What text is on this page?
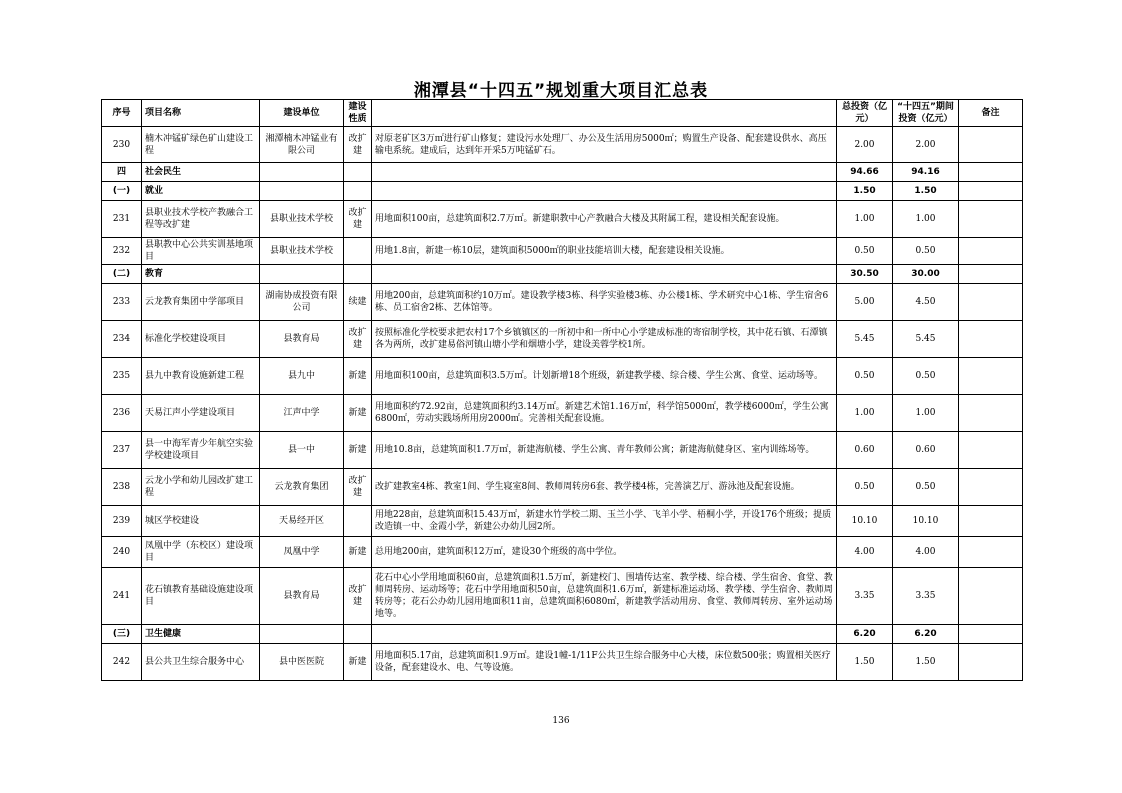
湘潭县“十四五”规划重大项目汇总表
序号	项目名称	建设单位	建设性质		总投资（亿元）	“十四五”期间投资（亿元）	备注
230	楠木冲锰矿绿色矿山建设工程	湘潭楠木冲锰业有限公司	改扩建	对原老矿区3万㎡进行矿山修复；建设污水处理厂、办公及生活用房5000㎡；购置生产设备、配套建设供水、高压输电系统。建成后，达到年开采5万吨锰矿石。	2.00	2.00	
四	社会民生				94.66	94.16	
(一)	就业				1.50	1.50	
231	县职业技术学校产教融合工程等改扩建	县职业技术学校	改扩建	用地面积100亩，总建筑面积2.7万㎡。新建职教中心产教融合大楼及其附属工程，建设相关配套设施。	1.00	1.00	
232	县职教中心公共实训基地项目	县职业技术学校		用地1.8亩，新建一栋10层，建筑面积5000㎡的职业技能培训大楼，配套建设相关设施。	0.50	0.50	
(二)	教育				30.50	30.00	
233	云龙教育集团中学部项目	湖南协成投资有限公司	续建	用地200亩，总建筑面积约10万㎡。建设教学楼3栋、科学实验楼3栋、办公楼1栋、学术研究中心1栋、学生宿舍6栋、员工宿舍2栋、艺体馆等。	5.00	4.50	
234	标准化学校建设项目	县教育局	改扩建	按照标准化学校要求把农村17个乡镇镇区的一所初中和一所中心小学建成标准的寄宿制学校，其中花石镇、石潭镇各为两所，改扩建易俗河镇山塘小学和烟塘小学，建设美蓉学校1所。	5.45	5.45	
235	县九中教育设施新建工程	县九中	新建	用地面积100亩，总建筑面积3.5万㎡。计划新增18个班级，新建教学楼、综合楼、学生公寓、食堂、运动场等。	0.50	0.50	
236	天易江声小学建设项目	江声中学	新建	用地面积约72.92亩，总建筑面积约3.14万㎡。新建艺术馆1.16万㎡，科学馆5000㎡，教学楼6000㎡，学生公寓6800㎡，劳动实践场所用房2000㎡。完善相关配套设施。	1.00	1.00	
237	县一中海军青少年航空实验学校建设项目	县一中	新建	用地10.8亩，总建筑面积1.7万㎡，新建海航楼、学生公寓、青年教师公寓；新建海航健身区、室内训练场等。	0.60	0.60	
238	云龙小学和幼儿园改扩建工程	云龙教育集团	改扩建	改扩建教室4栋、教室1间、学生寝室8间、教师周转房6套、教学楼4栋，完善演艺厅、游泳池及配套设施。	0.50	0.50	
239	城区学校建设	天易经开区		用地228亩，总建筑面积15.43万㎡，新建水竹学校二期、玉兰小学、飞羊小学、梧桐小学，开设176个班级；提质改造镇一中、金霞小学，新建公办幼儿园2所。	10.10	10.10	
240	凤凰中学（东校区）建设项目	凤凰中学	新建	总用地200亩，建筑面积12万㎡，建设30个班级的高中学位。	4.00	4.00	
241	花石镇教育基础设施建设项目	县教育局	改扩建	花石中心小学用地面积60亩，总建筑面积1.5万㎡，新建校门、围墙传达室、教学楼、综合楼、学生宿舍、食堂、教师周转房、运动场等；花石中学用地面积50亩，总建筑面积1.6万㎡，新建标准运动场、教学楼、学生宿舍、教师周转房等；花石公办幼儿园用地面积11亩，总建筑面积6080㎡，新建教学活动用房、食堂、教师周转房、室外运动场地等。	3.35	3.35	
(三)	卫生健康				6.20	6.20	
242	县公共卫生综合服务中心	县中医医院	新建	用地面积5.17亩，总建筑面积1.9万㎡。建设1幢-1/11F公共卫生综合服务中心大楼，床位数500张；购置相关医疗设备，配套建设水、电、气等设施。	1.50	1.50	
136
